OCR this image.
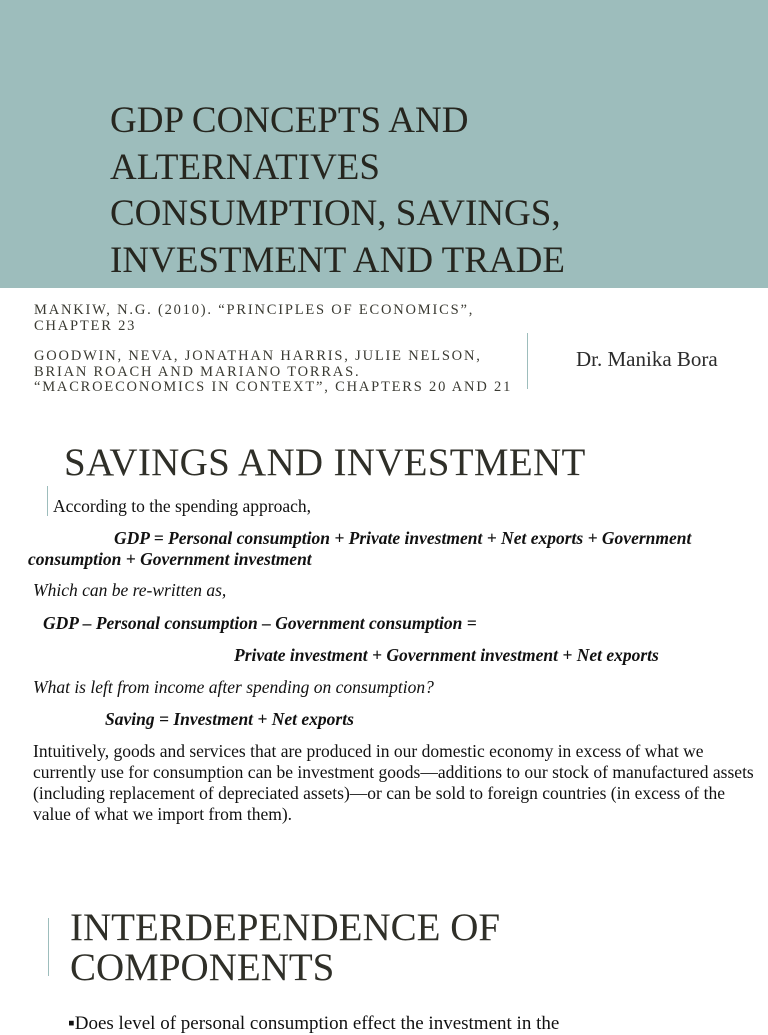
GDP CONCEPTS AND ALTERNATIVES CONSUMPTION, SAVINGS, INVESTMENT AND TRADE

MANKIW, N.G. (2010). “PRINCIPLES OF ECONOMICS”, CHAPTER 23

GOODWIN, NEVA, JONATHAN HARRIS, JULIE NELSON, BRIAN ROACH AND MARIANO TORRAS. “MACROECONOMICS IN CONTEXT”, CHAPTERS 20 AND 21

Dr. Manika Bora
SAVINGS AND INVESTMENT

According to the spending approach,

GDP = Personal consumption + Private investment + Net exports + Government consumption + Government investment

Which can be re-written as,

GDP – Personal consumption – Government consumption =

Private investment + Government investment + Net exports

What is left from income after spending on consumption?

Saving = Investment + Net exports

Intuitively, goods and services that are produced in our domestic economy in excess of what we currently use for consumption can be investment goods—additions to our stock of manufactured assets (including replacement of depreciated assets)—or can be sold to foreign countries (in excess of the value of what we import from them).

INTERDEPENDENCE OF COMPONENTS

▪Does level of personal consumption effect the investment in the
